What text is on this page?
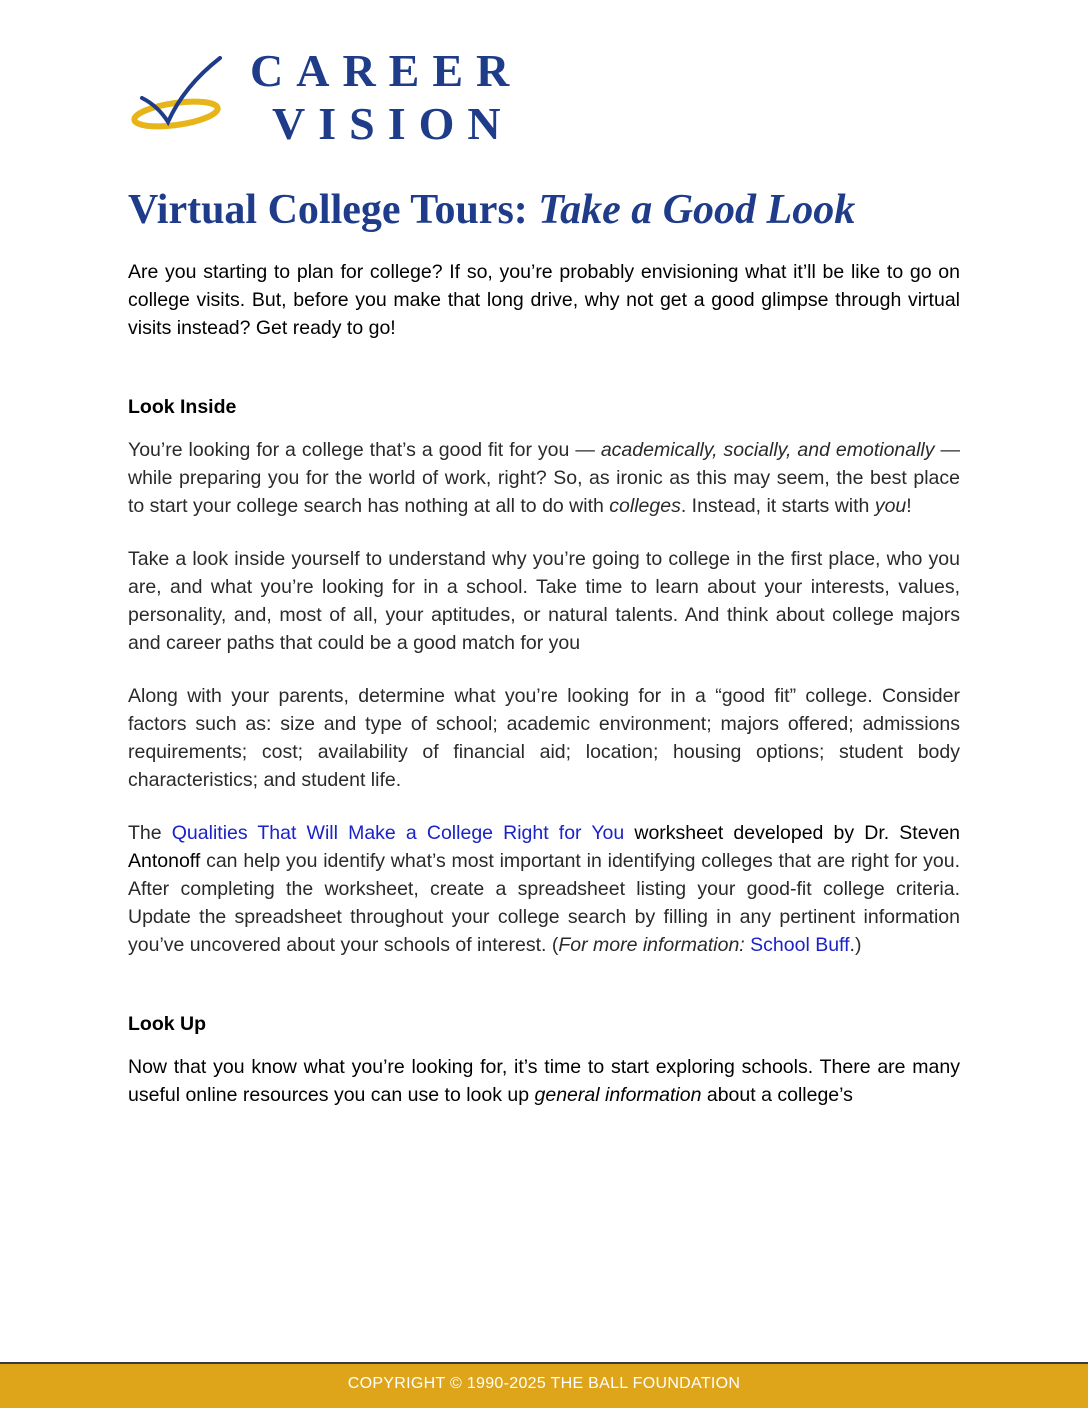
CAREER
VISION
Virtual College Tours: Take a Good Look

Are you starting to plan for college? If so, you’re probably envisioning what it’ll be like to go on college visits. But, before you make that long drive, why not get a good glimpse through virtual visits instead? Get ready to go!

Look Inside

You’re looking for a college that’s a good fit for you — academically, socially, and emotionally — while preparing you for the world of work, right? So, as ironic as this may seem, the best place to start your college search has nothing at all to do with colleges. Instead, it starts with you!

Take a look inside yourself to understand why you’re going to college in the first place, who you are, and what you’re looking for in a school. Take time to learn about your interests, values, personality, and, most of all, your aptitudes, or natural talents. And think about college majors and career paths that could be a good match for you

Along with your parents, determine what you’re looking for in a “good fit” college. Consider factors such as: size and type of school; academic environment; majors offered; admissions requirements; cost; availability of financial aid; location; housing options; student body characteristics; and student life.

The Qualities That Will Make a College Right for You worksheet developed by Dr. Steven Antonoff can help you identify what’s most important in identifying colleges that are right for you. After completing the worksheet, create a spreadsheet listing your good-fit college criteria. Update the spreadsheet throughout your college search by filling in any pertinent information you’ve uncovered about your schools of interest. (For more information: School Buff.)

Look Up

Now that you know what you’re looking for, it’s time to start exploring schools. There are many useful online resources you can use to look up general information about a college’s

COPYRIGHT © 1990-2025 THE BALL FOUNDATION
